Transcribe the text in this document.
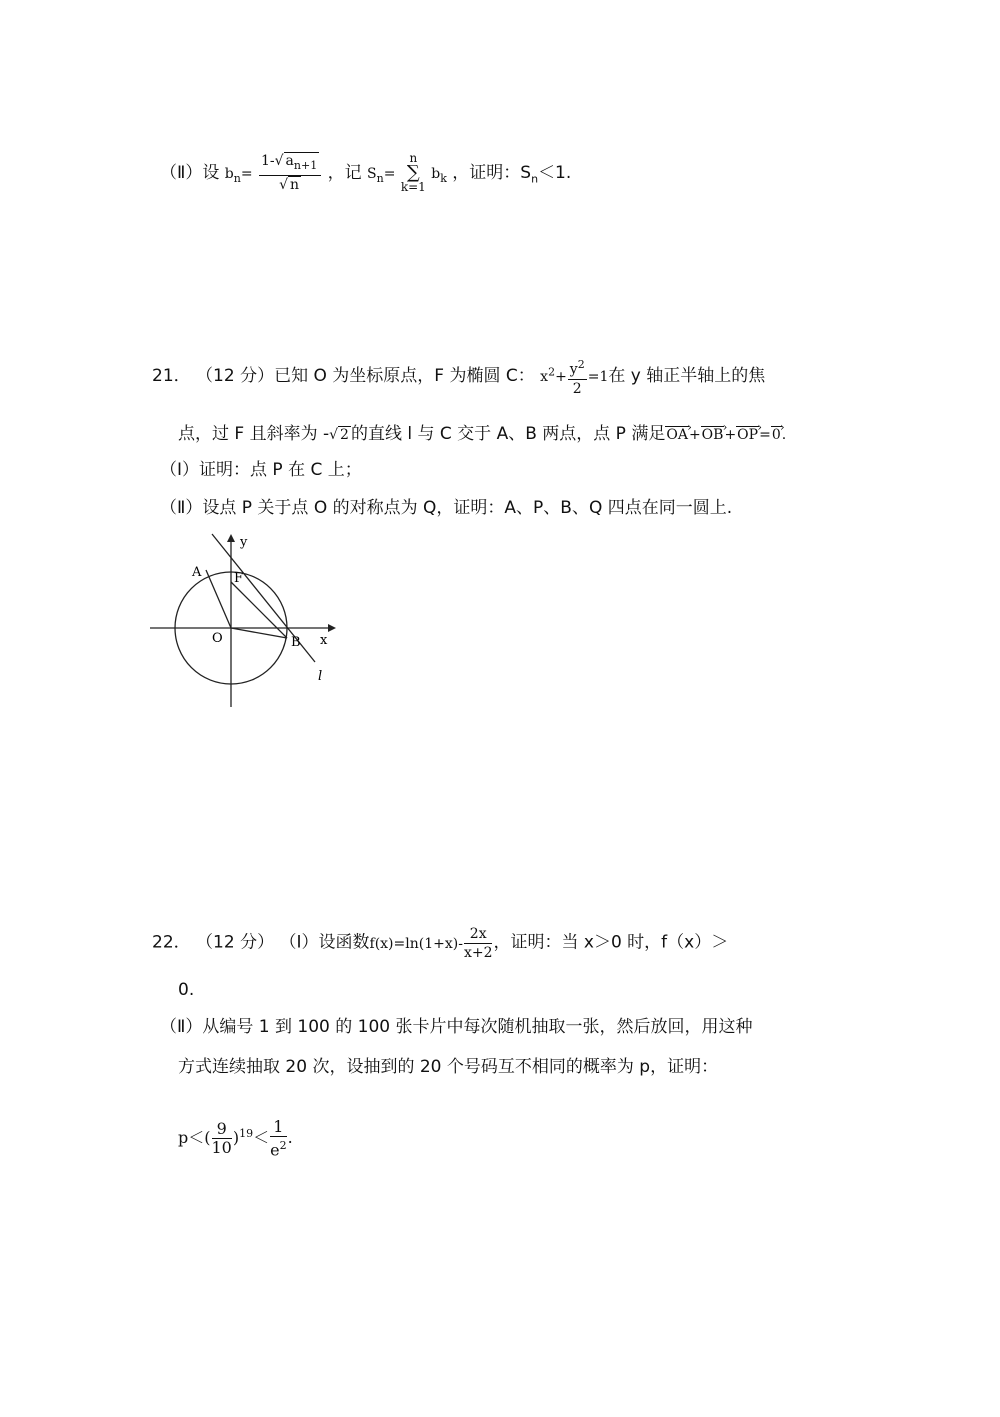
（Ⅱ）设 $b_n= \frac{1-√ a_{n+1}}{√ n}$ ，记 $S_n= n$
∑
k=1 $b_k$ ，证明：$S_n<1$.
21． （12 分）已知 O 为坐标原点，F 为椭圆 C： $x^2+ \frac{y^2}{2} =1$在 y 轴正半轴上的焦
点，过 F 且斜率为 -√ 2 的直线 l 与 C 交于 A、B 两点，点 P 满足OA ›+OB ›+OP ›=0 ›.
（Ⅰ）证明：点 P 在 C 上；
（Ⅱ）设点 P 关于点 O 的对称点为 Q，证明：A、P、B、Q 四点在同一圆上.
y
x
A	F
O	B
l
22． （12 分） （Ⅰ）设函数$f(x)=\ln(1+x)- \frac{2x}{x+2}$ ，证明：当 x＞0 时，f（x）＞
0.
（Ⅱ）从编号 1 到 100 的 100 张卡片中每次随机抽取一张，然后放回，用这种
方式连续抽取 20 次，设抽到的 20 个号码互不相同的概率为 p，证明：
$p<( \frac{9}{10} )^{19}< \frac{1}{e^2}$ .
